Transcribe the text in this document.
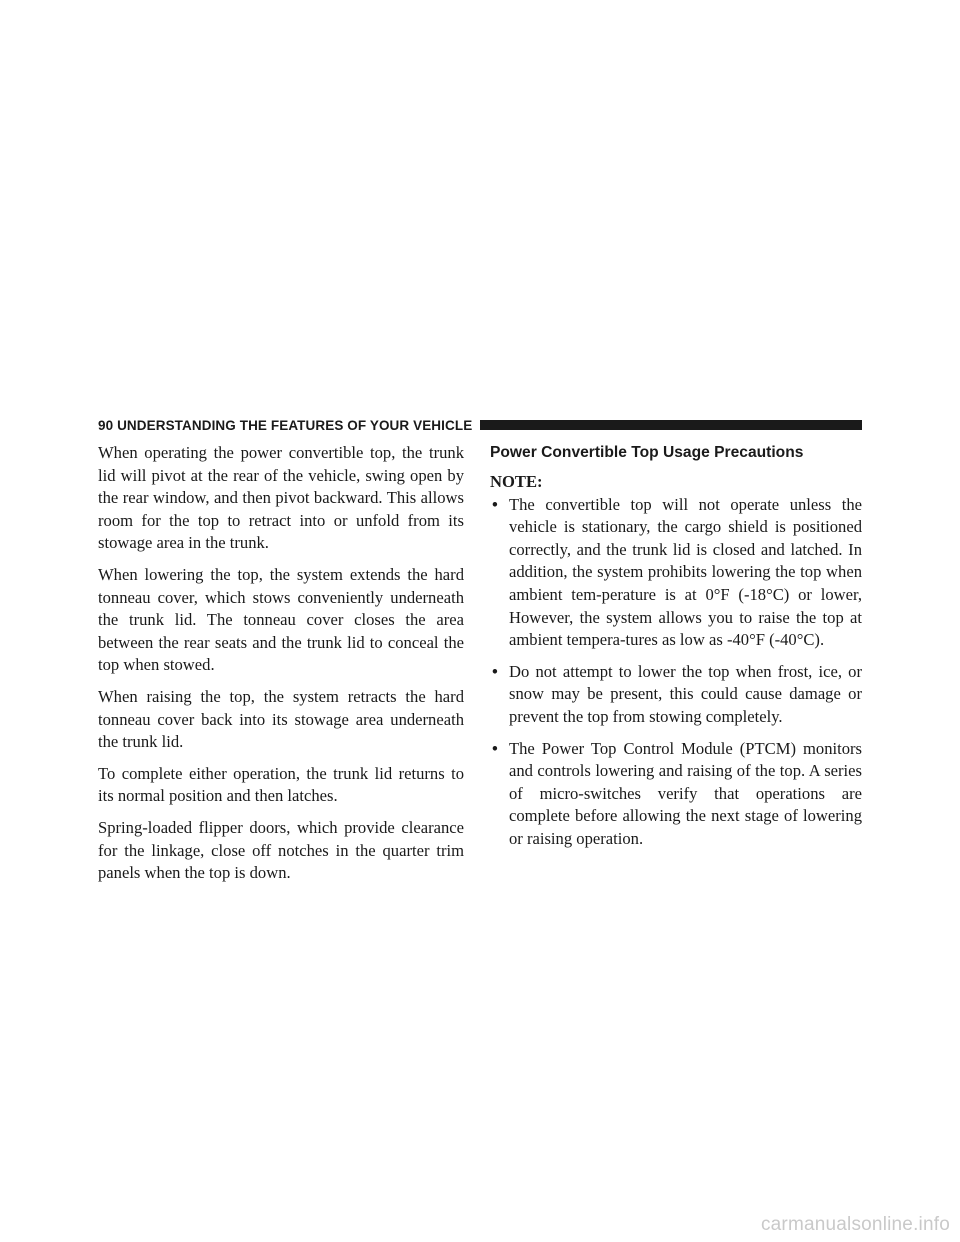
90 UNDERSTANDING THE FEATURES OF YOUR VEHICLE

When operating the power convertible top, the trunk lid will pivot at the rear of the vehicle, swing open by the rear window, and then pivot backward. This allows room for the top to retract into or unfold from its stowage area in the trunk.

When lowering the top, the system extends the hard tonneau cover, which stows conveniently underneath the trunk lid. The tonneau cover closes the area between the rear seats and the trunk lid to conceal the top when stowed.

When raising the top, the system retracts the hard tonneau cover back into its stowage area underneath the trunk lid.

To complete either operation, the trunk lid returns to its normal position and then latches.

Spring-loaded flipper doors, which provide clearance for the linkage, close off notches in the quarter trim panels when the top is down.

Power Convertible Top Usage Precautions
NOTE:
• The convertible top will not operate unless the vehicle is stationary, the cargo shield is positioned correctly, and the trunk lid is closed and latched. In addition, the system prohibits lowering the top when ambient tem-perature is at 0°F (-18°C) or lower, However, the system allows you to raise the top at ambient tempera-tures as low as -40°F (-40°C).
• Do not attempt to lower the top when frost, ice, or snow may be present, this could cause damage or prevent the top from stowing completely.
• The Power Top Control Module (PTCM) monitors and controls lowering and raising of the top. A series of micro-switches verify that operations are complete before allowing the next stage of lowering or raising operation.
carmanualsonline.info
